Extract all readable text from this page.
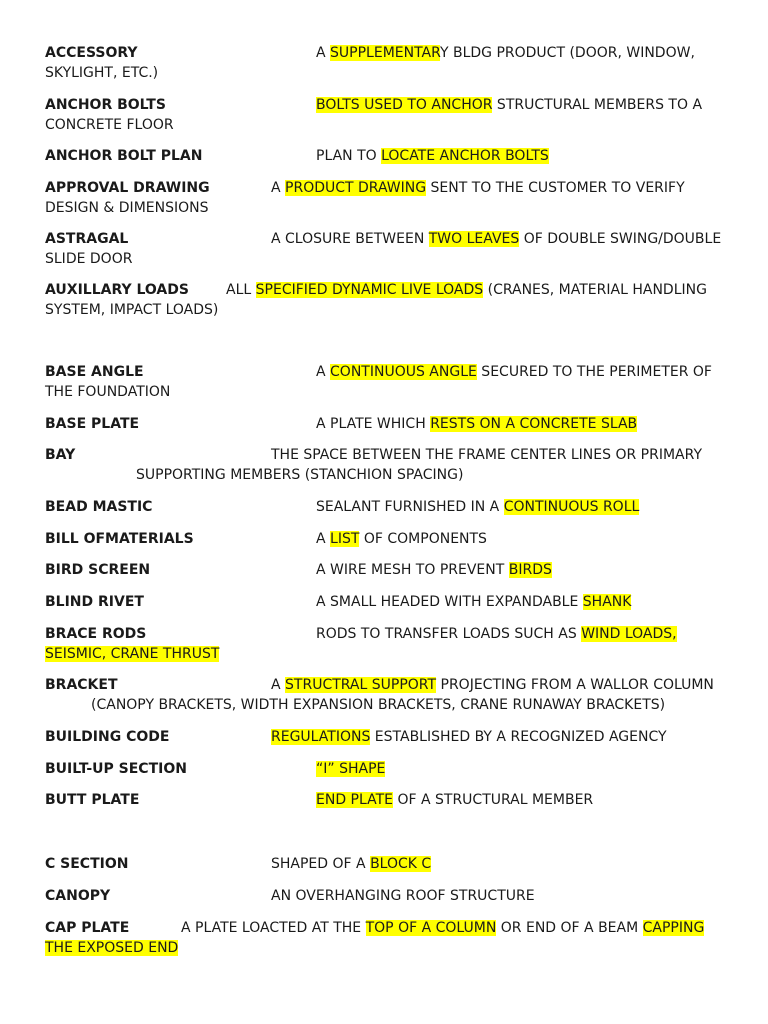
ACCESSORY	A SUPPLEMENTARY BLDG PRODUCT (DOOR, WINDOW,
SKYLIGHT, ETC.)
ANCHOR BOLTS	BOLTS USED TO ANCHOR STRUCTURAL MEMBERS TO A
CONCRETE FLOOR
ANCHOR BOLT PLAN	PLAN TO LOCATE ANCHOR BOLTS
APPROVAL DRAWING	A PRODUCT DRAWING SENT TO THE CUSTOMER TO VERIFY
DESIGN & DIMENSIONS
ASTRAGAL	A CLOSURE BETWEEN TWO LEAVES OF DOUBLE SWING/DOUBLE
SLIDE DOOR
AUXILLARY LOADS	ALL SPECIFIED DYNAMIC LIVE LOADS (CRANES, MATERIAL HANDLING
SYSTEM, IMPACT LOADS)
BASE ANGLE	A CONTINUOUS ANGLE SECURED TO THE PERIMETER OF
THE FOUNDATION
BASE PLATE	A PLATE WHICH RESTS ON A CONCRETE SLAB
BAY	THE SPACE BETWEEN THE FRAME CENTER LINES OR PRIMARY
SUPPORTING MEMBERS (STANCHION SPACING)
BEAD MASTIC	SEALANT FURNISHED IN A CONTINUOUS ROLL
BILL OFMATERIALS	A LIST OF COMPONENTS
BIRD SCREEN	A WIRE MESH TO PREVENT BIRDS
BLIND RIVET	A SMALL HEADED WITH EXPANDABLE SHANK
BRACE RODS	RODS TO TRANSFER LOADS SUCH AS WIND LOADS,
SEISMIC, CRANE THRUST
BRACKET	A STRUCTRAL SUPPORT PROJECTING FROM A WALLOR COLUMN
(CANOPY BRACKETS, WIDTH EXPANSION BRACKETS, CRANE RUNAWAY BRACKETS)
BUILDING CODE	REGULATIONS ESTABLISHED BY A RECOGNIZED AGENCY
BUILT-UP SECTION	“I” SHAPE
BUTT PLATE	END PLATE OF A STRUCTURAL MEMBER
C SECTION	SHAPED OF A BLOCK C
CANOPY	AN OVERHANGING ROOF STRUCTURE
CAP PLATE	A PLATE LOACTED AT THE TOP OF A COLUMN OR END OF A BEAM CAPPING
THE EXPOSED END
